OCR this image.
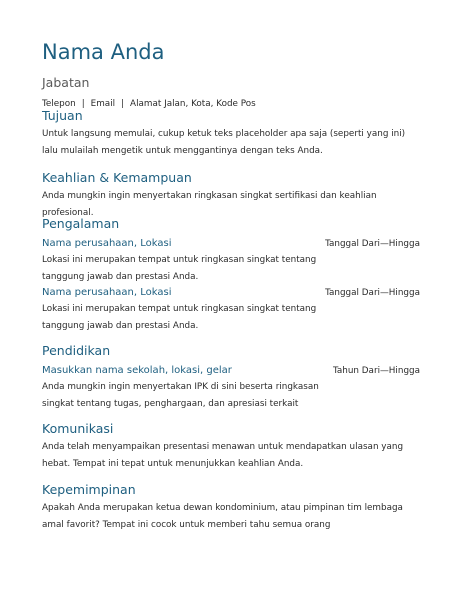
Nama Anda
Jabatan
Telepon | Email | Alamat Jalan, Kota, Kode Pos
Tujuan

Untuk langsung memulai, cukup ketuk teks placeholder apa saja (seperti yang ini) lalu mulailah mengetik untuk menggantinya dengan teks Anda.

Keahlian & Kemampuan

Anda mungkin ingin menyertakan ringkasan singkat sertifikasi dan keahlian profesional.

Pengalaman
Nama perusahaan, Lokasi	Tanggal Dari—Hingga

Lokasi ini merupakan tempat untuk ringkasan singkat tentang tanggung jawab dan prestasi Anda.

Nama perusahaan, Lokasi	Tanggal Dari—Hingga

Lokasi ini merupakan tempat untuk ringkasan singkat tentang tanggung jawab dan prestasi Anda.

Pendidikan
Masukkan nama sekolah, lokasi, gelar	Tahun Dari—Hingga

Anda mungkin ingin menyertakan IPK di sini beserta ringkasan singkat tentang tugas, penghargaan, dan apresiasi terkait

Komunikasi

Anda telah menyampaikan presentasi menawan untuk mendapatkan ulasan yang hebat. Tempat ini tepat untuk menunjukkan keahlian Anda.

Kepemimpinan

Apakah Anda merupakan ketua dewan kondominium, atau pimpinan tim lembaga amal favorit? Tempat ini cocok untuk memberi tahu semua orang
